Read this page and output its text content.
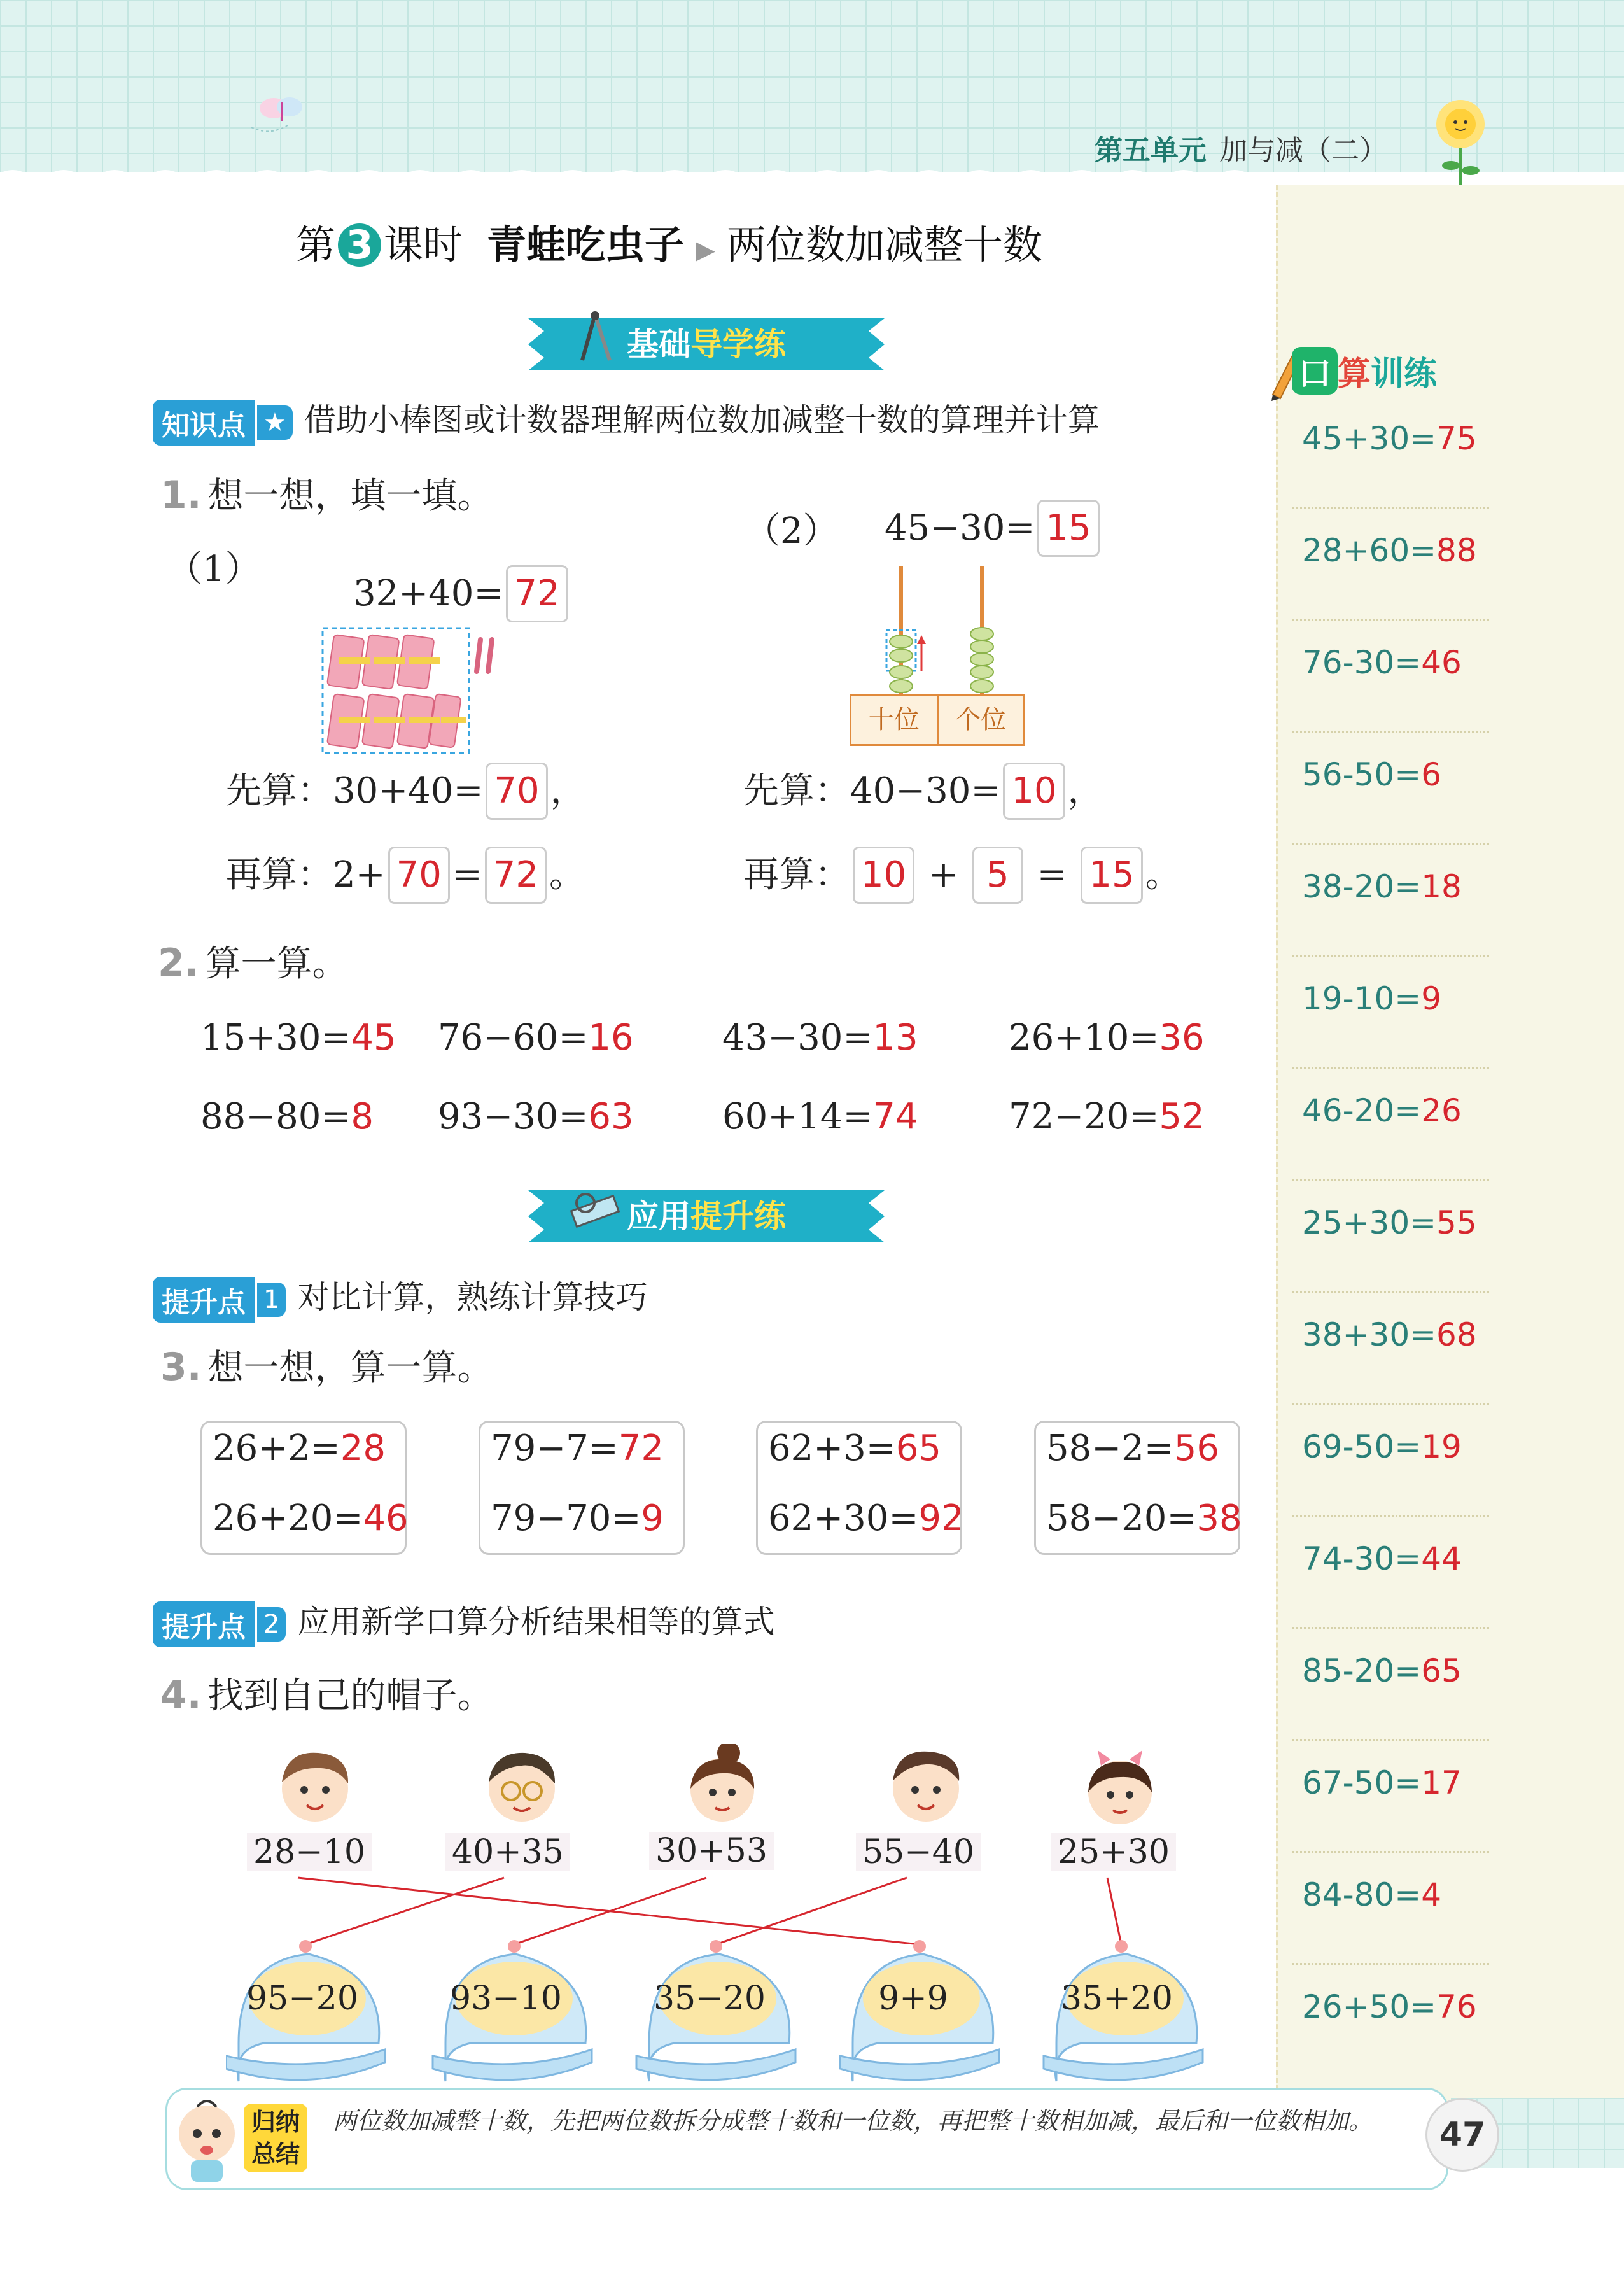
第五单元 加与减（二）
第 3 课时 青蛙吃虫子 ▶ 两位数加减整十数
基础导学练
知识点 ★ 借助小棒图或计数器理解两位数加减整十数的算理并计算
1. 想一想，填一填。
（1）
32+40= 72
先算：30+40= 70 ，
再算：2+ 70 = 72 。
（2） 45−30= 15
十位	个位
先算：40−30= 10 ，
再算： 10 + 5 = 15 。
2. 算一算。
15+30=45 76−60=16 43−30=13	26+10=36
88−80=8 93−30=63 60+14=74	72−20=52
应用提升练
提升点 1 对比计算，熟练计算技巧
3. 想一想，算一算。
26+2=28
26+20=46
79−7=72
79−70=9
62+3=65
62+30=92
58−2=56
58−20=38
提升点 2 应用新学口算分析结果相等的算式
4. 找到自己的帽子。
28−10	40+35	30+53	55−40	25+30
95−20	93−10	35−20	9+9	35+20
口 算训练
45+30=75
28+60=88
76-30=46
56-50=6
38-20=18
19-10=9
46-20=26
25+30=55
38+30=68
69-50=19
74-30=44
85-20=65
67-50=17
84-80=4
26+50=76
归纳总结
两位数加减整十数，先把两位数拆分成整十数和一位数，再把整十数相加减，最后和一位数相加。	47
